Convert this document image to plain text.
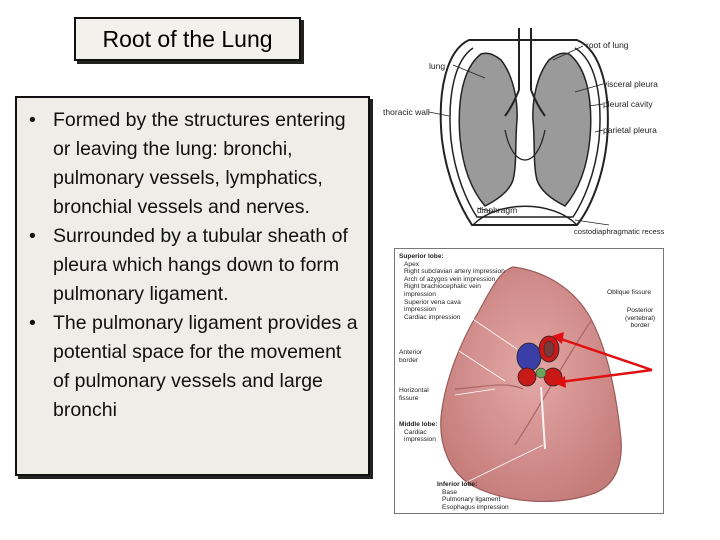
Root of the Lung
• Formed by the structures entering or leaving the lung: bronchi, pulmonary vessels, lymphatics, bronchial vessels and nerves.
• Surrounded by a tubular sheath of pleura which hangs down to form pulmonary ligament.
• The pulmonary ligament provides a potential space for the movement of pulmonary vessels and large bronchi
root of lung
lung
visceral pleura
thoracic wall
pleural cavity
parietal pleura
diaphragm
costodiaphragmatic recess
Superior lobe:
Apex
Right subclavian artery impression
Arch of azygos vein impression
Right brachiocephalic vein
impression
Superior vena cava
impression
Cardiac impression
Oblique fissure
Posterior
(vertebral)
border
Anterior
border
Horizontal
fissure
Middle lobe:
Cardiac
impression
Inferior lobe:
Base
Pulmonary ligament
Esophagus impression
